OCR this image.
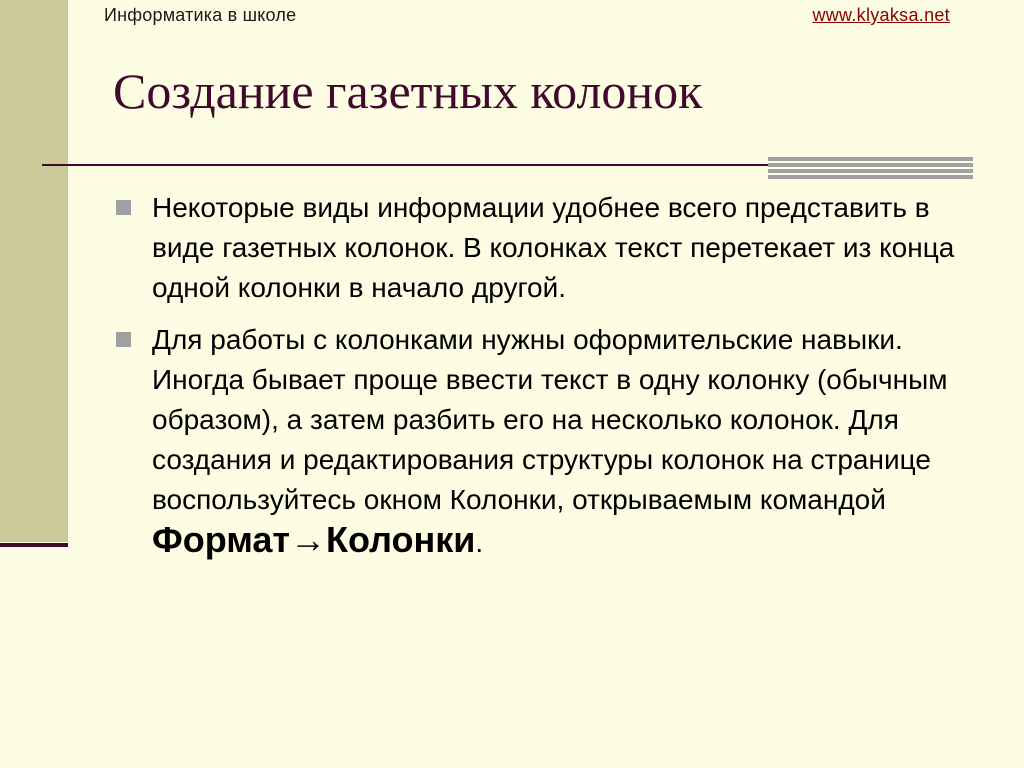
Информатика в школе	www.klyaksa.net
Создание газетных колонок
Некоторые виды информации удобнее всего представить в виде газетных колонок. В колонках текст перетекает из конца одной колонки в начало другой.
Для работы с колонками нужны оформительские навыки. Иногда бывает проще ввести текст в одну колонку (обычным образом), а затем разбить его на несколько колонок. Для создания и редактирования структуры колонок на странице воспользуйтесь окном Колонки, открываемым командой Формат→Колонки.
